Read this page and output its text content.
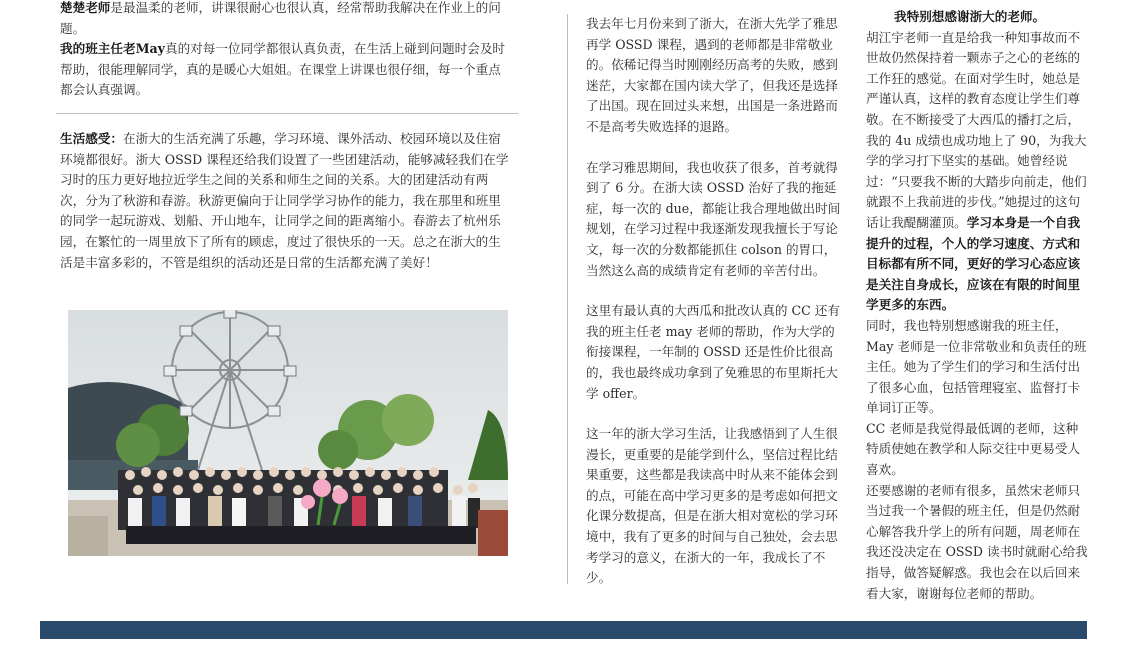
楚楚老师是最温柔的老师，讲课很耐心也很认真，经常帮助我解决在作业上的问题。

我的班主任老May真的对每一位同学都很认真负责，在生活上碰到问题时会及时帮助，很能理解同学，真的是暖心大姐姐。在课堂上讲课也很仔细，每一个重点都会认真强调。

生活感受：在浙大的生活充满了乐趣，学习环境、课外活动、校园环境以及住宿环境都很好。浙大 OSSD 课程还给我们设置了一些团建活动，能够减轻我们在学习时的压力更好地拉近学生之间的关系和师生之间的关系。大的团建活动有两次，分为了秋游和春游。秋游更偏向于让同学学习协作的能力，我在那里和班里的同学一起玩游戏、划船、开山地车，让同学之间的距离缩小。春游去了杭州乐园，在繁忙的一周里放下了所有的顾虑，度过了很快乐的一天。总之在浙大的生活是丰富多彩的，不管是组织的活动还是日常的生活都充满了美好！

我去年七月份来到了浙大，在浙大先学了雅思再学 OSSD 课程，遇到的老师都是非常敬业的。依稀记得当时刚刚经历高考的失败，感到迷茫，大家都在国内读大学了，但我还是选择了出国。现在回过头来想，出国是一条进路而不是高考失败选择的退路。

在学习雅思期间，我也收获了很多，首考就得到了 6 分。在浙大读 OSSD 治好了我的拖延症，每一次的 due，都能让我合理地做出时间规划，在学习过程中我逐渐发现我擅长于写论文，每一次的分数都能抓住 colson 的胃口，当然这么高的成绩肯定有老师的辛苦付出。

这里有最认真的大西瓜和批改认真的 CC 还有我的班主任老 may 老师的帮助，作为大学的衔接课程，一年制的 OSSD 还是性价比很高的，我也最终成功拿到了免雅思的布里斯托大学 offer。

这一年的浙大学习生活，让我感悟到了人生很漫长，更重要的是能学到什么，坚信过程比结果重要，这些都是我读高中时从来不能体会到的点，可能在高中学习更多的是考虑如何把文化课分数提高，但是在浙大相对宽松的学习环境中，我有了更多的时间与自己独处，会去思考学习的意义，在浙大的一年，我成长了不少。

我特别想感谢浙大的老师。

胡江宇老师一直是给我一种知事故而不世故仍然保持着一颗赤子之心的老练的工作狂的感觉。在面对学生时，她总是严谨认真，这样的教育态度让学生们尊敬。在不断接受了大西瓜的播打之后，我的 4u 成绩也成功地上了 90，为我大学的学习打下坚实的基础。她曾经说过：“只要我不断的大踏步向前走，他们就跟不上我前进的步伐。”她提过的这句话让我醍醐灌顶。学习本身是一个自我提升的过程，个人的学习速度、方式和目标都有所不同，更好的学习心态应该是关注自身成长，应该在有限的时间里学更多的东西。

同时，我也特别想感谢我的班主任，May 老师是一位非常敬业和负责任的班主任。她为了学生们的学习和生活付出了很多心血，包括管理寝室、监督打卡单词订正等。

CC 老师是我觉得最低调的老师，这种特质使她在教学和人际交往中更易受人喜欢。

还要感谢的老师有很多，虽然宋老师只当过我一个暑假的班主任，但是仍然耐心解答我升学上的所有问题，周老师在我还没决定在 OSSD 读书时就耐心给我指导，做答疑解惑。我也会在以后回来看大家，谢谢每位老师的帮助。
